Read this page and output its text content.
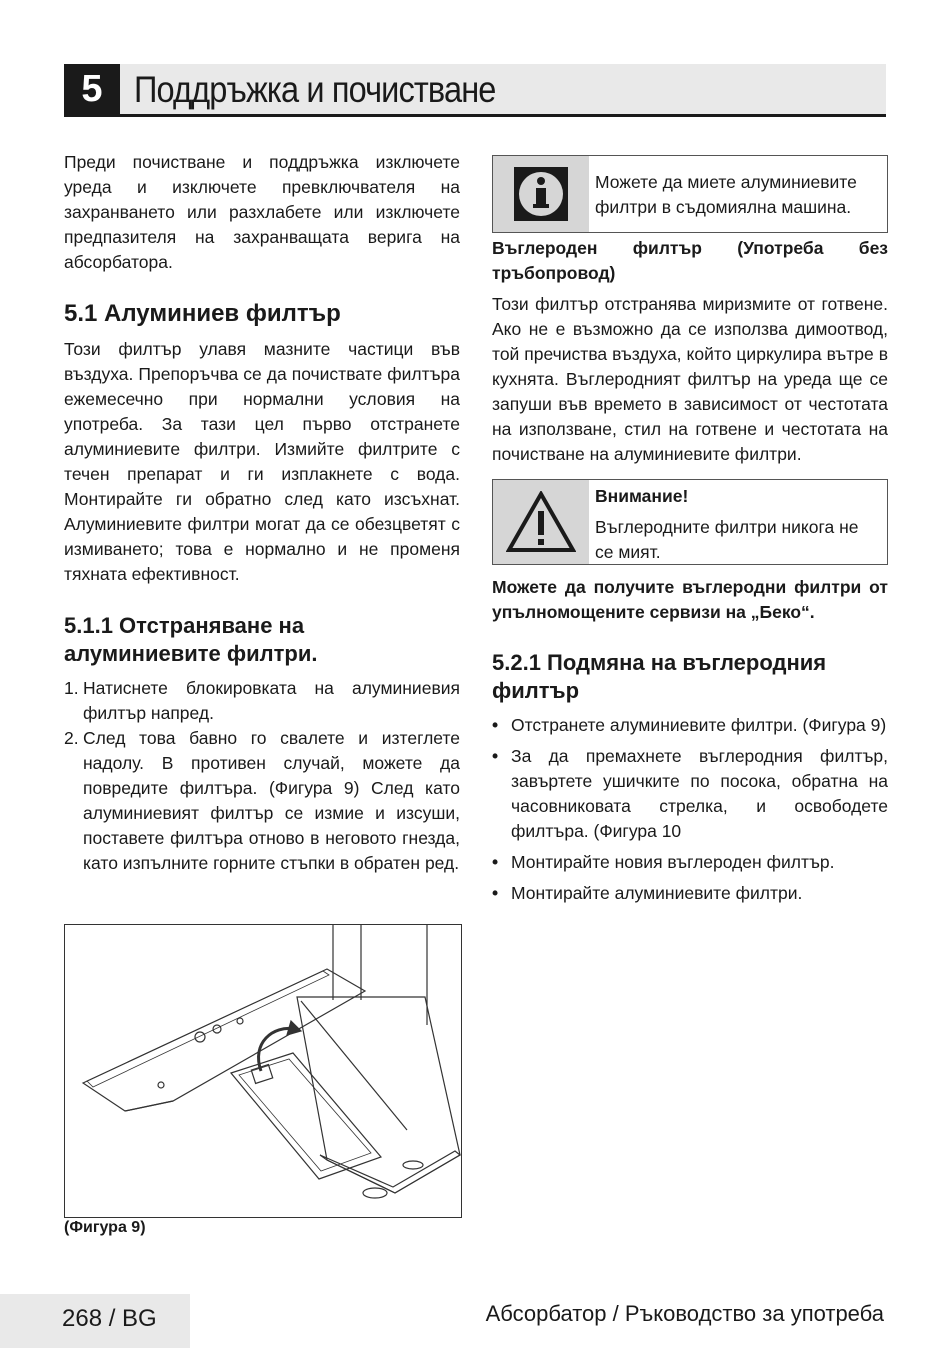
5 Поддръжка и почистване

Преди почистване и поддръжка изключете уреда и изключете превключвателя на захранването или разхлабете или изключете предпазителя на захранващата верига на абсорбатора.

5.1 Алуминиев филтър

Този филтър улавя мазните частици във въздуха. Препоръчва се да почиствате филтъра ежемесечно при нормални условия на употреба. За тази цел първо отстранете алуминиевите филтри. Измийте филтрите с течен препарат и ги изплакнете с вода. Монтирайте ги обратно след като изсъхнат. Алуминиевите филтри могат да се обезцветят с измиването; това е нормално и не променя тяхната ефективност.

5.1.1 Отстраняване на алуминиевите филтри.
1. Натиснете блокировката на алуминиевия филтър напред.
2. След това бавно го свалете и изтеглете надолу. В противен случай, можете да повредите филтъра. (Фигура 9) След като алуминиевият филтър се измие и изсуши, поставете филтъра отново в неговото гнезда, като изпълните горните стъпки в обратен ред.
(Фигура 9)

Можете да миете алуминиевите филтри в съдомиялна машина.

Въглероден филтър (Употреба без тръбопровод)

Този филтър отстранява миризмите от готвене. Ако не е възможно да се използва димоотвод, той пречиства въздуха, който циркулира вътре в кухнята. Въглеродният филтър на уреда ще се запуши във времето в зависимост от честотата на използване, стил на готвене и честотата на почистване на алуминиевите филтри.

Внимание!

Въглеродните филтри никога не се мият.

Можете да получите въглеродни филтри от упълномощените сервизи на „Беко“.

5.2.1 Подмяна на въглеродния филтър
• Отстранете алуминиевите филтри. (Фигура 9)
• За да премахнете въглеродния филтър, завъртете ушичките по посока, обратна на часовниковата стрелка, и освободете филтъра. (Фигура 10
• Монтирайте новия въглероден филтър.
• Монтирайте алуминиевите филтри.
268 / BG	Абсорбатор / Ръководство за употреба
